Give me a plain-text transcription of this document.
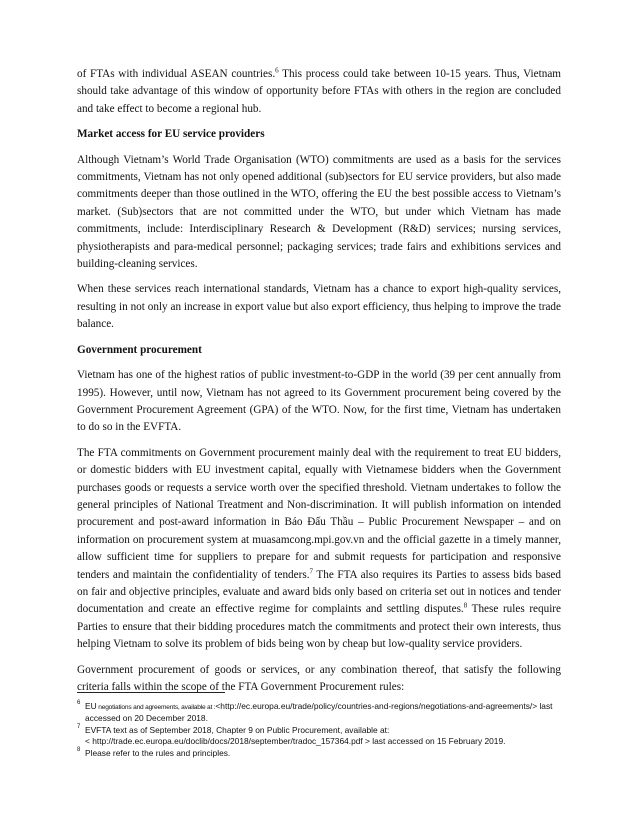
of FTAs with individual ASEAN countries.$^6$ This process could take between 10-15 years. Thus, Vietnam should take advantage of this window of opportunity before FTAs with others in the region are concluded and take effect to become a regional hub.

Market access for EU service providers

Although Vietnam’s World Trade Organisation (WTO) commitments are used as a basis for the services commitments, Vietnam has not only opened additional (sub)sectors for EU service providers, but also made commitments deeper than those outlined in the WTO, offering the EU the best possible access to Vietnam’s market. (Sub)sectors that are not committed under the WTO, but under which Vietnam has made commitments, include: Interdisciplinary Research & Development (R&D) services; nursing services, physiotherapists and para-medical personnel; packaging services; trade fairs and exhibitions services and building-cleaning services.

When these services reach international standards, Vietnam has a chance to export high-quality services, resulting in not only an increase in export value but also export efficiency, thus helping to improve the trade balance.

Government procurement

Vietnam has one of the highest ratios of public investment-to-GDP in the world (39 per cent annually from 1995). However, until now, Vietnam has not agreed to its Government procurement being covered by the Government Procurement Agreement (GPA) of the WTO. Now, for the first time, Vietnam has undertaken to do so in the EVFTA.

The FTA commitments on Government procurement mainly deal with the requirement to treat EU bidders, or domestic bidders with EU investment capital, equally with Vietnamese bidders when the Government purchases goods or requests a service worth over the specified threshold. Vietnam undertakes to follow the general principles of National Treatment and Non-discrimination. It will publish information on intended procurement and post-award information in Báo Đấu Thầu – Public Procurement Newspaper – and on information on procurement system at muasamcong.mpi.gov.vn and the official gazette in a timely manner, allow sufficient time for suppliers to prepare for and submit requests for participation and responsive tenders and maintain the confidentiality of tenders.$^7$ The FTA also requires its Parties to assess bids based on fair and objective principles, evaluate and award bids only based on criteria set out in notices and tender documentation and create an effective regime for complaints and settling disputes.$^8$ These rules require Parties to ensure that their bidding procedures match the commitments and protect their own interests, thus helping Vietnam to solve its problem of bids being won by cheap but low-quality service providers.

Government procurement of goods or services, or any combination thereof, that satisfy the following criteria falls within the scope of the FTA Government Procurement rules:

6 EU negotiations and agreements, available at :<http://ec.europa.eu/trade/policy/countries-and-regions/negotiations-and-agreements/> last accessed on 20 December 2018.
7 EVFTA text as of September 2018, Chapter 9 on Public Procurement, available at:
< http://trade.ec.europa.eu/doclib/docs/2018/september/tradoc_157364.pdf > last accessed on 15 February 2019.
8 Please refer to the rules and principles.
